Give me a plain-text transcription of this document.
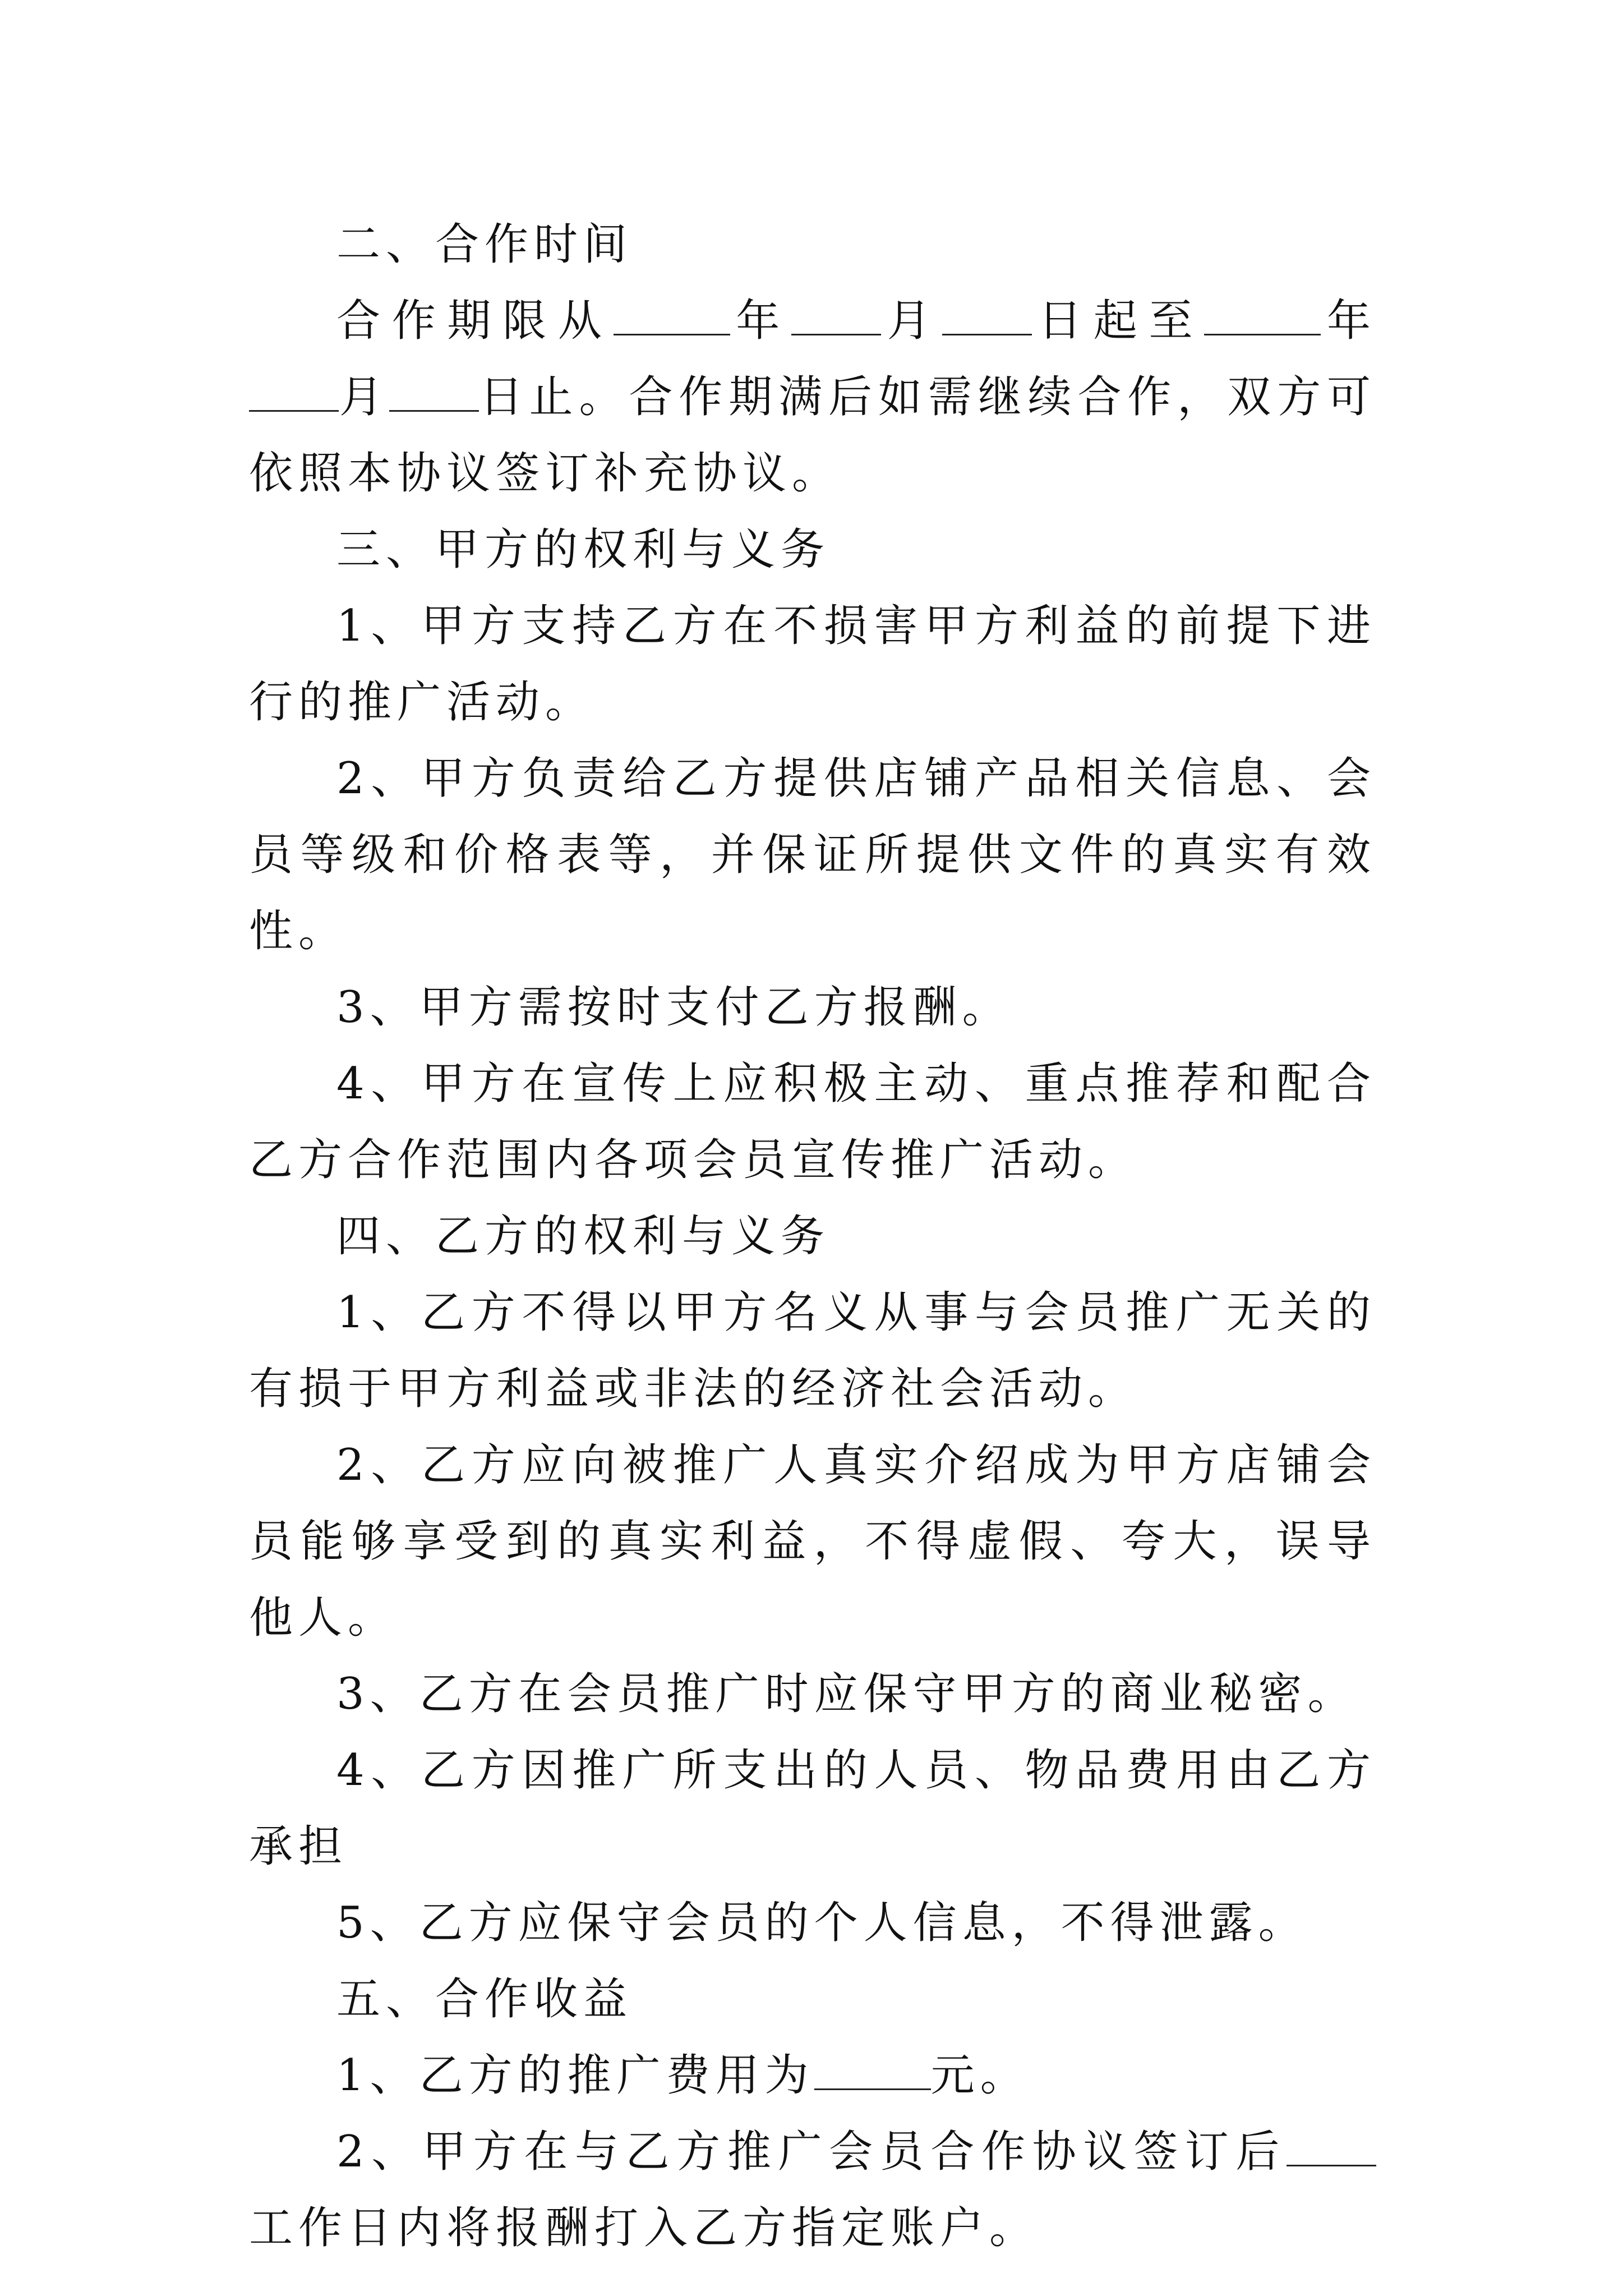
二、合作时间

合作期限从	年 月 日起至	年月 日止。合作期满后如需继续合作，双方可依照本协议签订补充协议。

三、甲方的权利与义务

1、甲方支持乙方在不损害甲方利益的前提下进行的推广活动。

2、甲方负责给乙方提供店铺产品相关信息、会员等级和价格表等，并保证所提供文件的真实有效性。

3、甲方需按时支付乙方报酬。

4、甲方在宣传上应积极主动、重点推荐和配合乙方合作范围内各项会员宣传推广活动。

四、乙方的权利与义务

1、乙方不得以甲方名义从事与会员推广无关的有损于甲方利益或非法的经济社会活动。

2、乙方应向被推广人真实介绍成为甲方店铺会员能够享受到的真实利益，不得虚假、夸大，误导他人。

3、乙方在会员推广时应保守甲方的商业秘密。

4、乙方因推广所支出的人员、物品费用由乙方承担

5、乙方应保守会员的个人信息，不得泄露。

五、合作收益

1、乙方的推广费用为	元。

2、甲方在与乙方推广会员合作协议签订后工作日内将报酬打入乙方指定账户。
